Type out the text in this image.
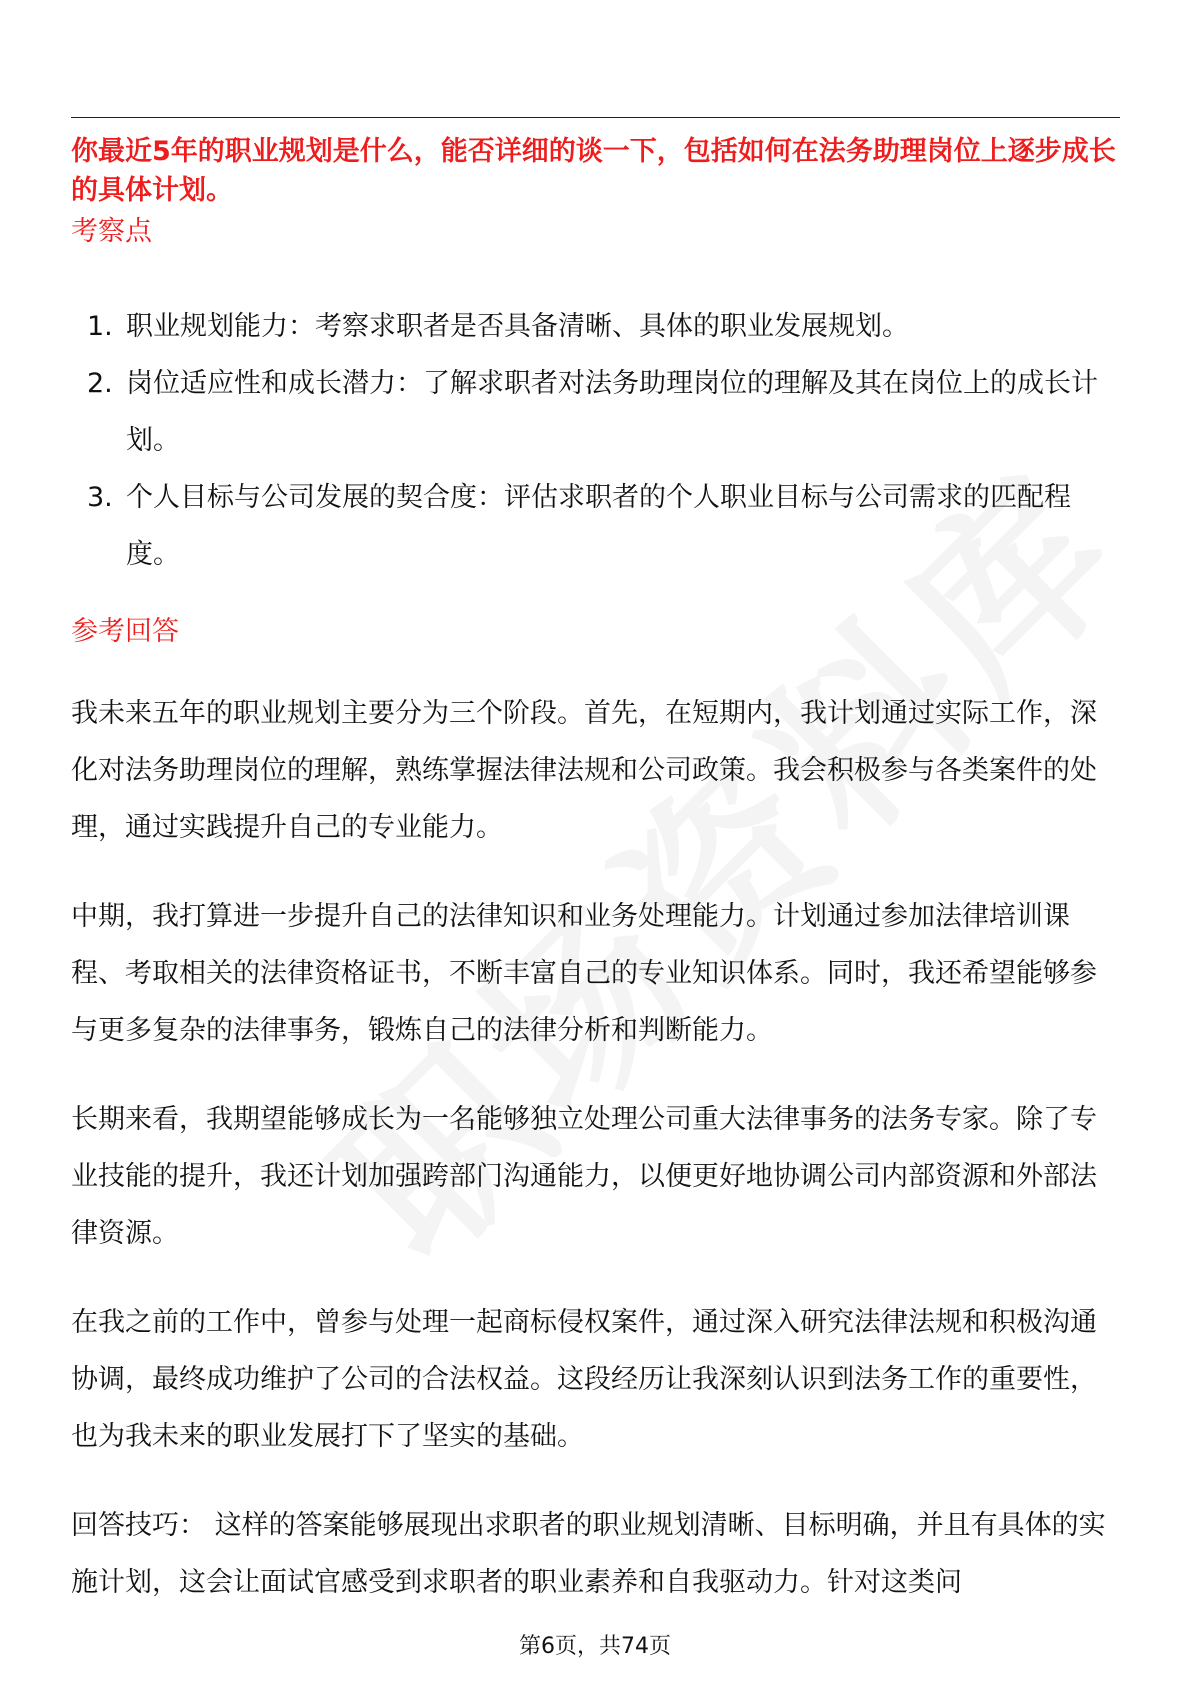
你最近5年的职业规划是什么，能否详细的谈一下，包括如何在法务助理岗位上逐步成长的具体计划。
考察点
1. 职业规划能力：考察求职者是否具备清晰、具体的职业发展规划。
2. 岗位适应性和成长潜力：了解求职者对法务助理岗位的理解及其在岗位上的成长计划。
3. 个人目标与公司发展的契合度：评估求职者的个人职业目标与公司需求的匹配程度。
参考回答

我未来五年的职业规划主要分为三个阶段。首先，在短期内，我计划通过实际工作，深化对法务助理岗位的理解，熟练掌握法律法规和公司政策。我会积极参与各类案件的处理，通过实践提升自己的专业能力。

中期，我打算进一步提升自己的法律知识和业务处理能力。计划通过参加法律培训课程、考取相关的法律资格证书，不断丰富自己的专业知识体系。同时，我还希望能够参与更多复杂的法律事务，锻炼自己的法律分析和判断能力。

长期来看，我期望能够成长为一名能够独立处理公司重大法律事务的法务专家。除了专业技能的提升，我还计划加强跨部门沟通能力，以便更好地协调公司内部资源和外部法律资源。

在我之前的工作中，曾参与处理一起商标侵权案件，通过深入研究法律法规和积极沟通协调，最终成功维护了公司的合法权益。这段经历让我深刻认识到法务工作的重要性，也为我未来的职业发展打下了坚实的基础。

回答技巧： 这样的答案能够展现出求职者的职业规划清晰、目标明确，并且有具体的实施计划，这会让面试官感受到求职者的职业素养和自我驱动力。针对这类问

第6页，共74页
